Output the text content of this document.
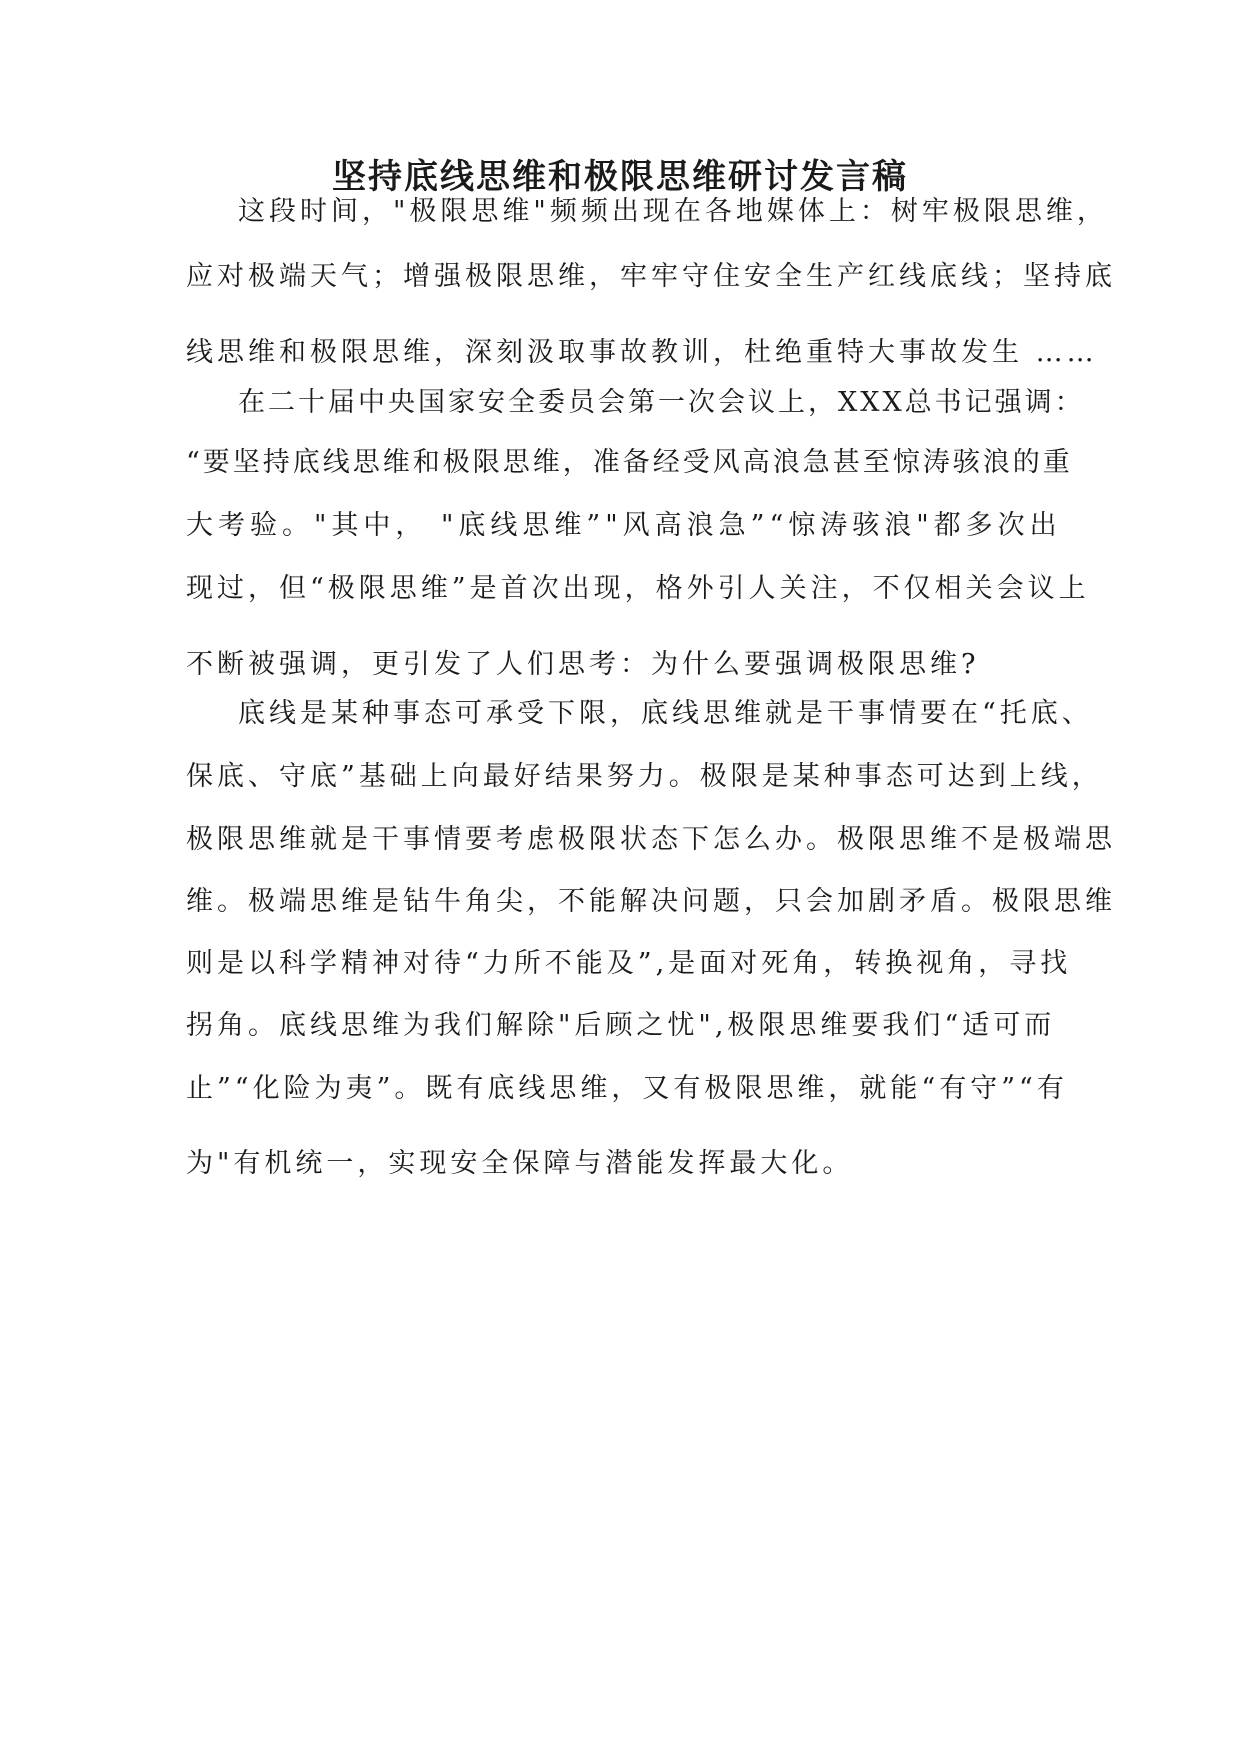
坚持底线思维和极限思维研讨发言稿

这段时间，"极限思维"频频出现在各地媒体上：树牢极限思维，

应对极端天气；增强极限思维，牢牢守住安全生产红线底线；坚持底

线思维和极限思维，深刻汲取事故教训，杜绝重特大事故发生 ……

在二十届中央国家安全委员会第一次会议上，XXX总书记强调：

“要坚持底线思维和极限思维，准备经受风高浪急甚至惊涛骇浪的重

大考验。"其中， "底线思维”"风高浪急”“惊涛骇浪"都多次出

现过，但“极限思维”是首次出现，格外引人关注，不仅相关会议上

不断被强调，更引发了人们思考：为什么要强调极限思维?

底线是某种事态可承受下限，底线思维就是干事情要在“托底、

保底、守底”基础上向最好结果努力。极限是某种事态可达到上线，

极限思维就是干事情要考虑极限状态下怎么办。极限思维不是极端思

维。极端思维是钻牛角尖，不能解决问题，只会加剧矛盾。极限思维

则是以科学精神对待“力所不能及”,是面对死角，转换视角，寻找

拐角。底线思维为我们解除"后顾之忧",极限思维要我们“适可而

止”“化险为夷”。既有底线思维，又有极限思维，就能“有守”“有

为"有机统一，实现安全保障与潜能发挥最大化。
